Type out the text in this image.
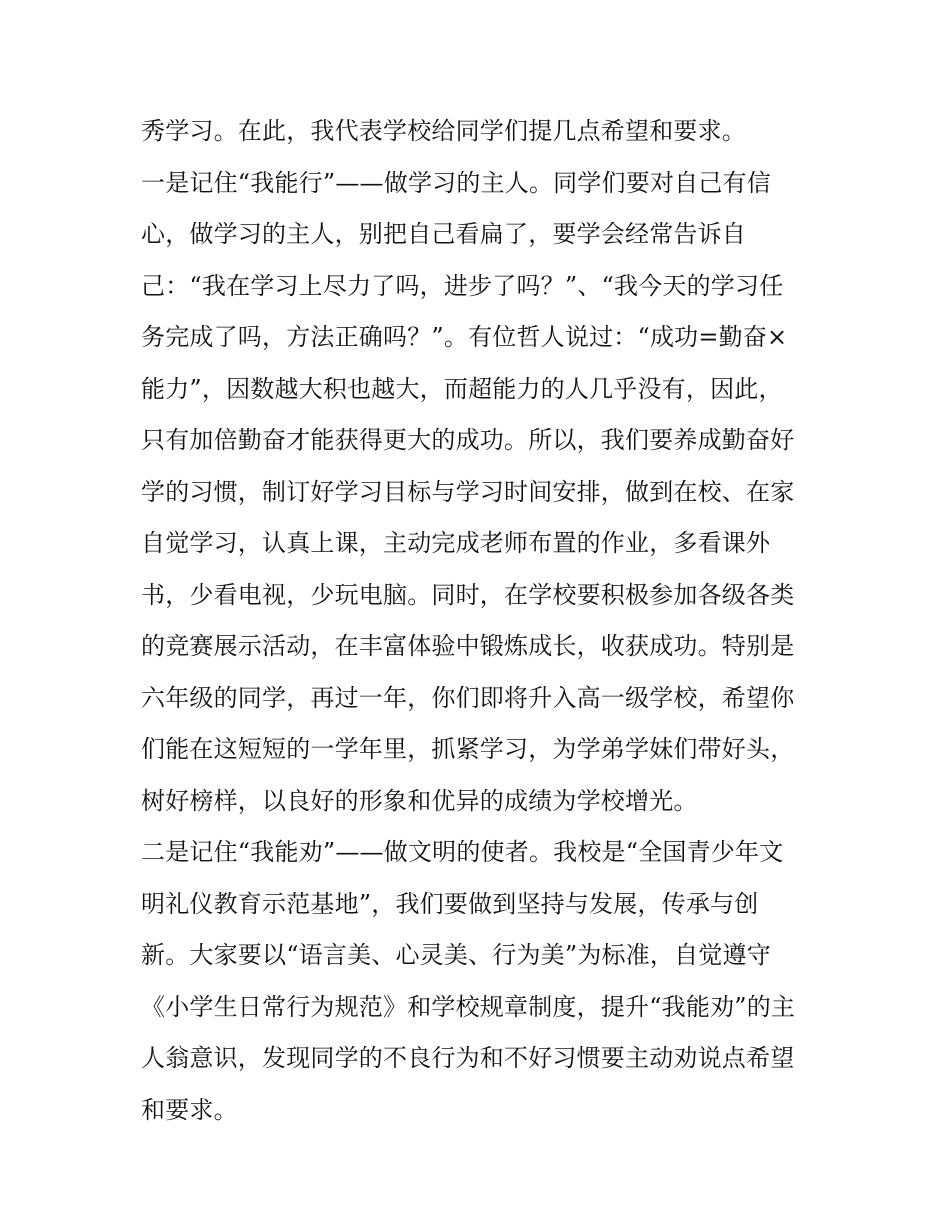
秀学习。在此，我代表学校给同学们提几点希望和要求。
一是记住“我能行”——做学习的主人。同学们要对自己有信
心，做学习的主人，别把自己看扁了，要学会经常告诉自
己：“我在学习上尽力了吗，进步了吗？”、“我今天的学习任
务完成了吗，方法正确吗？”。有位哲人说过：“成功=勤奋×
能力”，因数越大积也越大，而超能力的人几乎没有，因此，
只有加倍勤奋才能获得更大的成功。所以，我们要养成勤奋好
学的习惯，制订好学习目标与学习时间安排，做到在校、在家
自觉学习，认真上课，主动完成老师布置的作业，多看课外
书，少看电视，少玩电脑。同时，在学校要积极参加各级各类
的竞赛展示活动，在丰富体验中锻炼成长，收获成功。特别是
六年级的同学，再过一年，你们即将升入高一级学校，希望你
们能在这短短的一学年里，抓紧学习，为学弟学妹们带好头，
树好榜样，以良好的形象和优异的成绩为学校增光。
二是记住“我能劝”——做文明的使者。我校是“全国青少年文
明礼仪教育示范基地”，我们要做到坚持与发展，传承与创
新。大家要以“语言美、心灵美、行为美”为标准，自觉遵守
《小学生日常行为规范》和学校规章制度，提升“我能劝”的主
人翁意识，发现同学的不良行为和不好习惯要主动劝说点希望
和要求。
